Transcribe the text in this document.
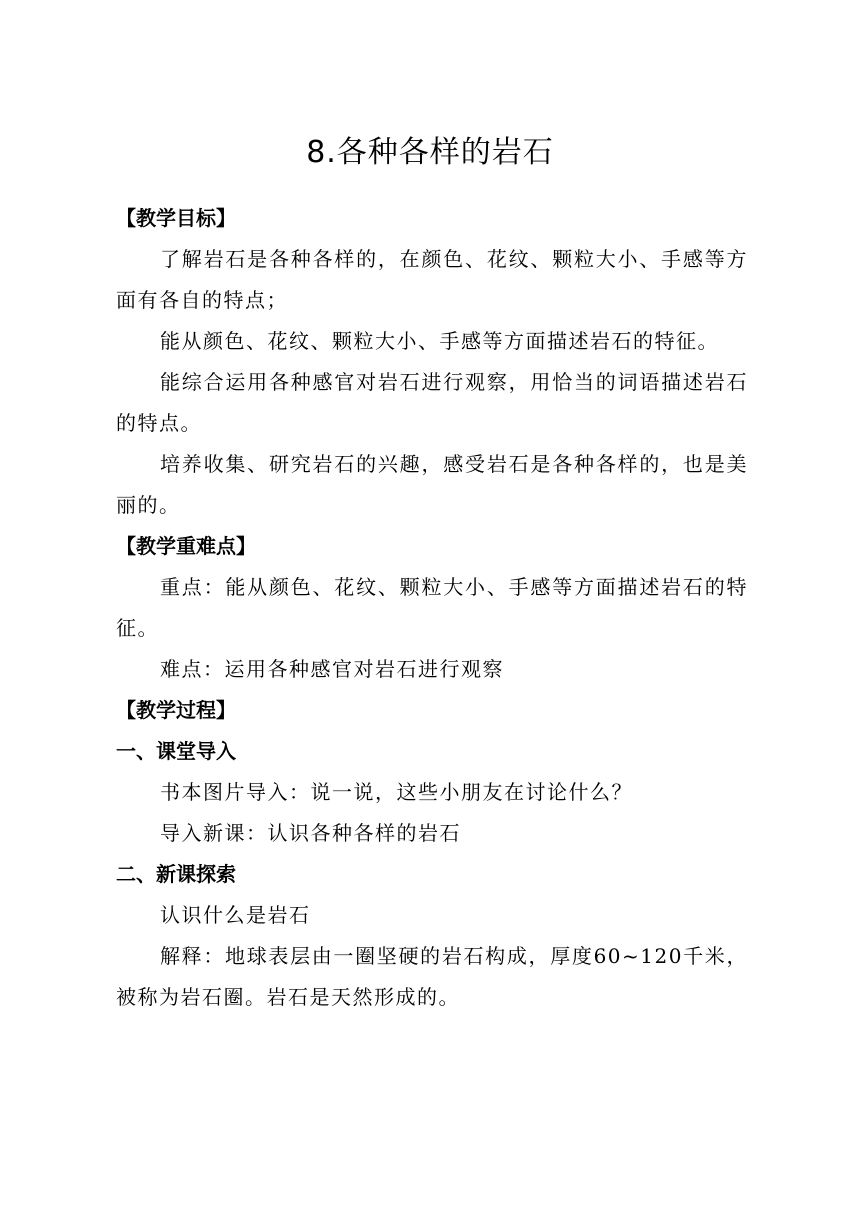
8.各种各样的岩石
【教学目标】

了解岩石是各种各样的，在颜色、花纹、颗粒大小、手感等方面有各自的特点；

能从颜色、花纹、颗粒大小、手感等方面描述岩石的特征。

能综合运用各种感官对岩石进行观察，用恰当的词语描述岩石的特点。

培养收集、研究岩石的兴趣，感受岩石是各种各样的，也是美丽的。

【教学重难点】

重点：能从颜色、花纹、颗粒大小、手感等方面描述岩石的特征。

难点：运用各种感官对岩石进行观察

【教学过程】
一、课堂导入

书本图片导入：说一说，这些小朋友在讨论什么？

导入新课：认识各种各样的岩石

二、新课探索

认识什么是岩石

解释：地球表层由一圈坚硬的岩石构成，厚度60~120千米，被称为岩石圈。岩石是天然形成的。
